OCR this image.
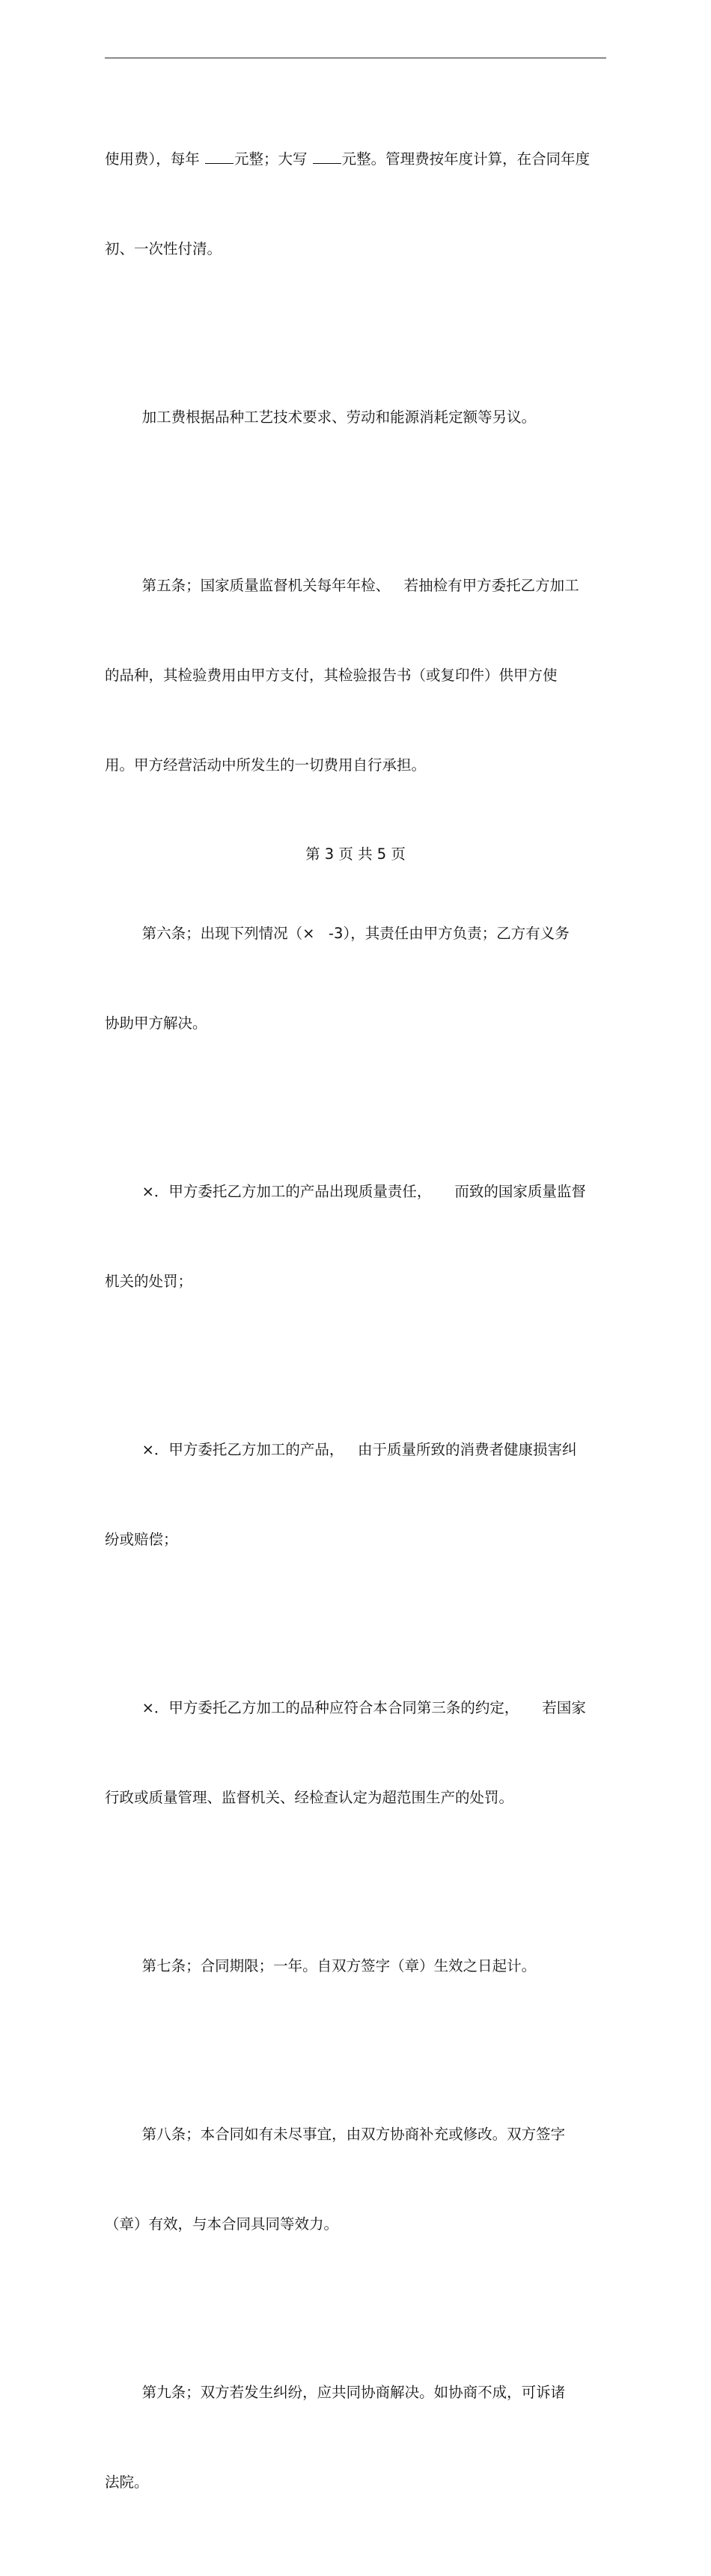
使用费），每年 元整；大写 元整。管理费按年度计算，在合同年度

初、一次性付清。

加工费根据品种工艺技术要求、劳动和能源消耗定额等另议。

第五条；国家质量监督机关每年年检、   若抽检有甲方委托乙方加工

的品种，其检验费用由甲方支付，其检验报告书（或复印件）供甲方使

用。甲方经营活动中所发生的一切费用自行承担。

第六条；出现下列情况（×   -3），其责任由甲方负责；乙方有义务

协助甲方解决。

×．甲方委托乙方加工的产品出现质量责任，     而致的国家质量监督

机关的处罚；

×．甲方委托乙方加工的产品，   由于质量所致的消费者健康损害纠

纷或赔偿；

×．甲方委托乙方加工的品种应符合本合同第三条的约定，     若国家

行政或质量管理、监督机关、经检查认定为超范围生产的处罚。

第七条；合同期限；一年。自双方签字（章）生效之日起计。

第八条；本合同如有未尽事宜，由双方协商补充或修改。双方签字

（章）有效，与本合同具同等效力。

第九条；双方若发生纠纷，应共同协商解决。如协商不成，可诉诸

法院。

第 3 页 共 5 页
